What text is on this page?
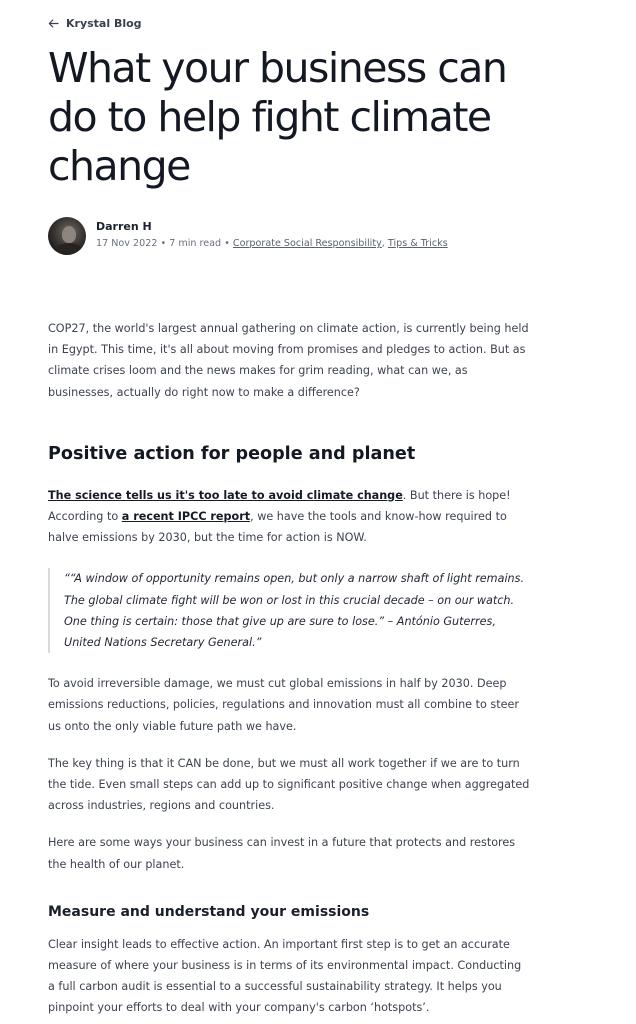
Krystal Blog
What your business can do to help fight climate change
Darren H
17 Nov 2022 • 7 min read • Corporate Social Responsibility, Tips & Tricks

COP27, the world's largest annual gathering on climate action, is currently being held in Egypt. This time, it's all about moving from promises and pledges to action. But as climate crises loom and the news makes for grim reading, what can we, as businesses, actually do right now to make a difference?

Positive action for people and planet

The science tells us it's too late to avoid climate change. But there is hope! According to a recent IPCC report, we have the tools and know-how required to halve emissions by 2030, but the time for action is NOW.

““A window of opportunity remains open, but only a narrow shaft of light remains. The global climate fight will be won or lost in this crucial decade – on our watch. One thing is certain: those that give up are sure to lose.” – António Guterres, United Nations Secretary General.”

To avoid irreversible damage, we must cut global emissions in half by 2030. Deep emissions reductions, policies, regulations and innovation must all combine to steer us onto the only viable future path we have.

The key thing is that it CAN be done, but we must all work together if we are to turn the tide. Even small steps can add up to significant positive change when aggregated across industries, regions and countries.

Here are some ways your business can invest in a future that protects and restores the health of our planet.

Measure and understand your emissions

Clear insight leads to effective action. An important first step is to get an accurate measure of where your business is in terms of its environmental impact. Conducting a full carbon audit is essential to a successful sustainability strategy. It helps you pinpoint your efforts to deal with your company's carbon ‘hotspots’.
